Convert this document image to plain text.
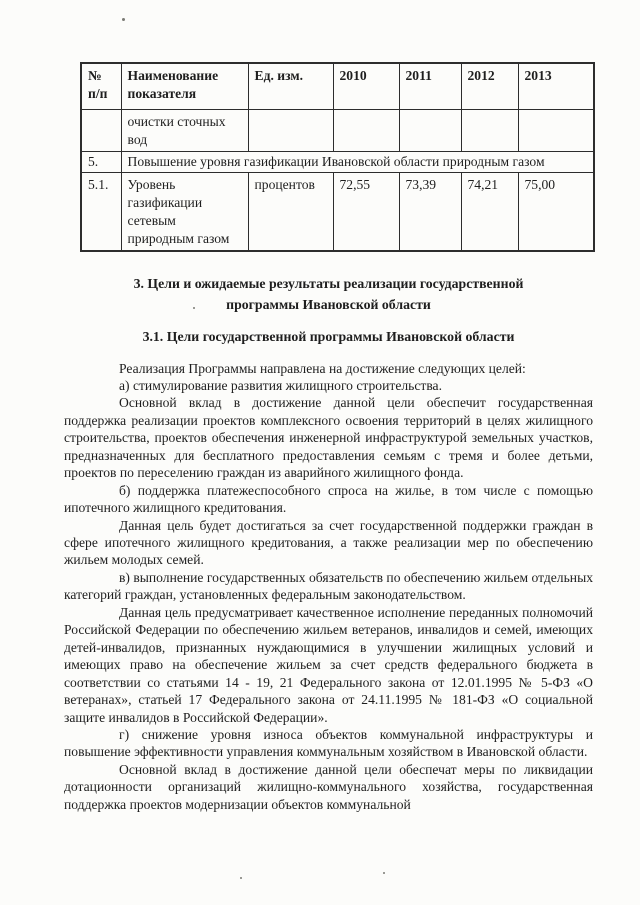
№ п/п	Наименование показателя	Ед. изм.	2010	2011	2012	2013
	очистки сточных вод					
5.	Повышение уровня газификации Ивановской области природным газом					
5.1.	Уровень газификации сетевым природным газом	процентов	72,55	73,39	74,21	75,00
3. Цели и ожидаемые результаты реализации государственной
программы Ивановской области
3.1. Цели государственной программы Ивановской области

Реализация Программы направлена на достижение следующих целей:

а) стимулирование развития жилищного строительства.

Основной вклад в достижение данной цели обеспечит государственная поддержка реализации проектов комплексного освоения территорий в целях жилищного строительства, проектов обеспечения инженерной инфраструктурой земельных участков, предназначенных для бесплатного предоставления семьям с тремя и более детьми, проектов по переселению граждан из аварийного жилищного фонда.

б) поддержка платежеспособного спроса на жилье, в том числе с помощью ипотечного жилищного кредитования.

Данная цель будет достигаться за счет государственной поддержки граждан в сфере ипотечного жилищного кредитования, а также реализации мер по обеспечению жильем молодых семей.

в) выполнение государственных обязательств по обеспечению жильем отдельных категорий граждан, установленных федеральным законодательством.

Данная цель предусматривает качественное исполнение переданных полномочий Российской Федерации по обеспечению жильем ветеранов, инвалидов и семей, имеющих детей-инвалидов, признанных нуждающимися в улучшении жилищных условий и имеющих право на обеспечение жильем за счет средств федерального бюджета в соответствии со статьями 14 - 19, 21 Федерального закона от 12.01.1995 № 5-ФЗ «О ветеранах», статьей 17 Федерального закона от 24.11.1995 № 181-ФЗ «О социальной защите инвалидов в Российской Федерации».

г) снижение уровня износа объектов коммунальной инфраструктуры и повышение эффективности управления коммунальным хозяйством в Ивановской области.

Основной вклад в достижение данной цели обеспечат меры по ликвидации дотационности организаций жилищно-коммунального хозяйства, государственная поддержка проектов модернизации объектов коммунальной
